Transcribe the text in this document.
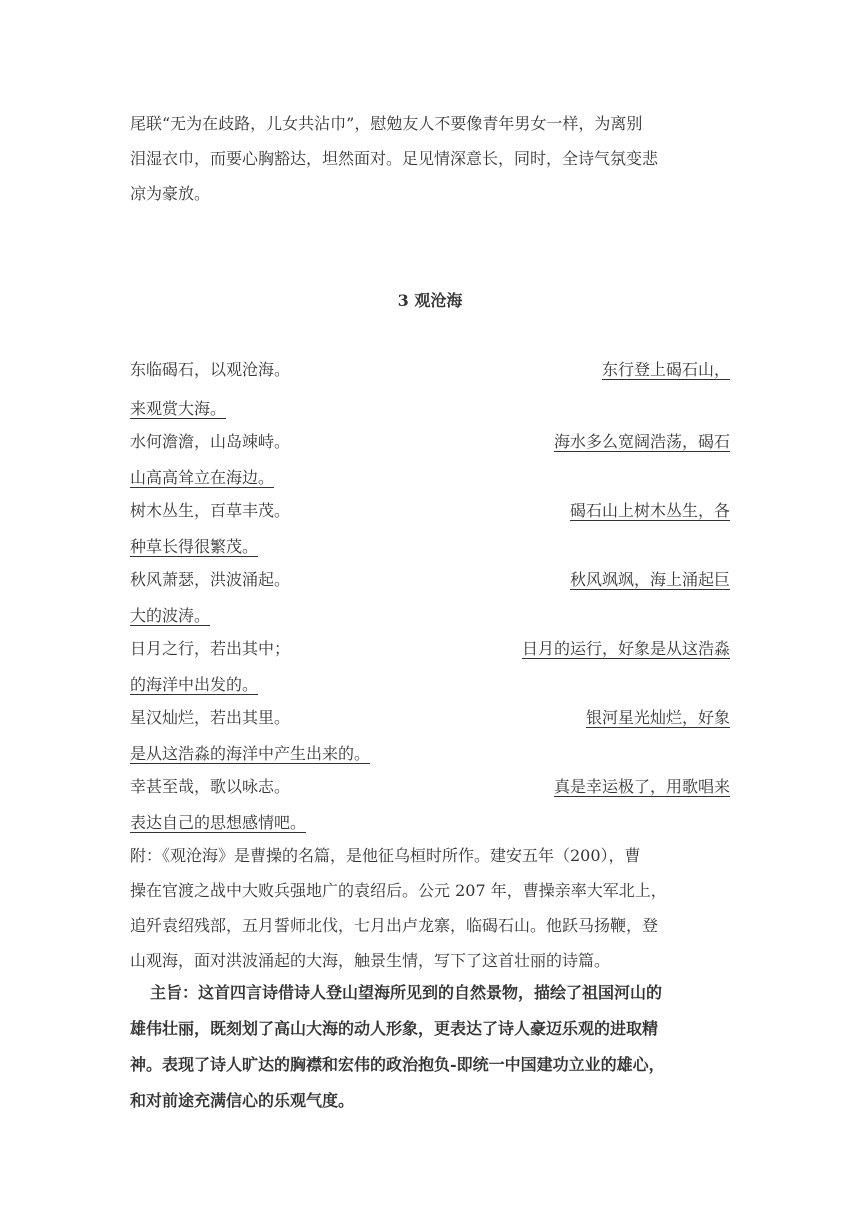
尾联“无为在歧路，儿女共沾巾”，慰勉友人不要像青年男女一样，为离别
泪湿衣巾，而要心胸豁达，坦然面对。足见情深意长，同时，全诗气氛变悲
凉为豪放。
3 观沧海
东临碣石，以观沧海。	东行登上碣石山，
来观赏大海。
水何澹澹，山岛竦峙。	海水多么宽阔浩荡，碣石
山高高耸立在海边。
树木丛生，百草丰茂。	碣石山上树木丛生，各
种草长得很繁茂。
秋风萧瑟，洪波涌起。	秋风飒飒，海上涌起巨
大的波涛。
日月之行，若出其中；	日月的运行，好象是从这浩淼
的海洋中出发的。
星汉灿烂，若出其里。	银河星光灿烂，好象
是从这浩淼的海洋中产生出来的。
幸甚至哉，歌以咏志。	真是幸运极了，用歌唱来
表达自己的思想感情吧。
附：《观沧海》是曹操的名篇，是他征乌桓时所作。建安五年（200），曹
操在官渡之战中大败兵强地广的袁绍后。公元 207 年，曹操亲率大军北上，
追歼袁绍残部，五月誓师北伐，七月出卢龙寨，临碣石山。他跃马扬鞭，登
山观海，面对洪波涌起的大海，触景生情，写下了这首壮丽的诗篇。
主旨：这首四言诗借诗人登山望海所见到的自然景物，描绘了祖国河山的
雄伟壮丽，既刻划了高山大海的动人形象，更表达了诗人豪迈乐观的进取精
神。表现了诗人旷达的胸襟和宏伟的政治抱负-即统一中国建功立业的雄心，
和对前途充满信心的乐观气度。
